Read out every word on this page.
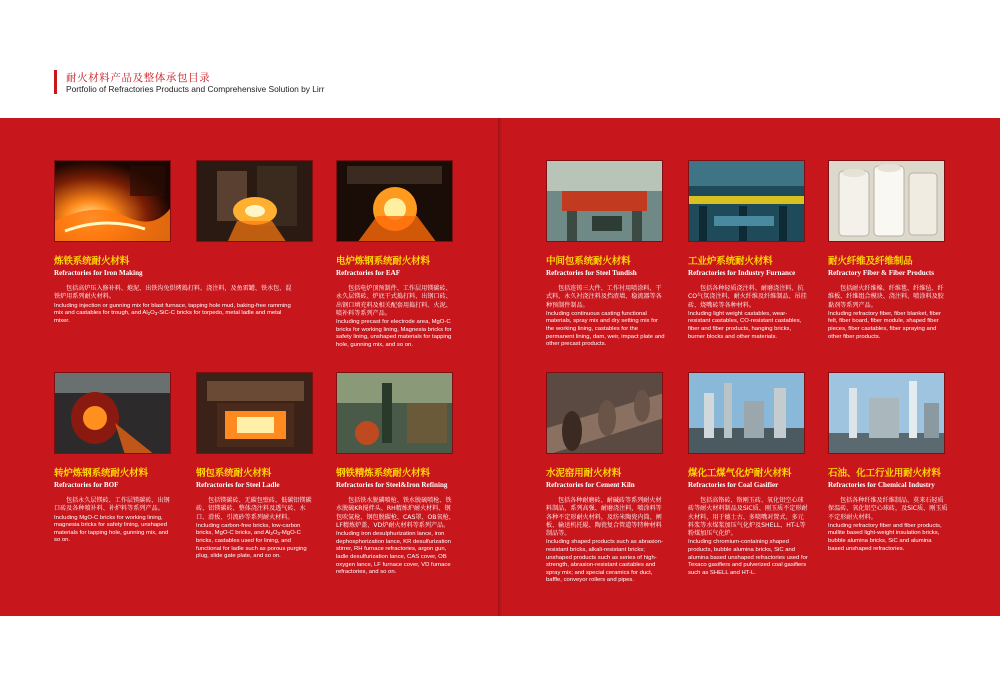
耐火材料产品及整体承包目录
Portfolio of Refractories Products and Comprehensive Solution by Lirr
炼铁系统耐火材料
Refractories for Iron Making
包括高炉压入修补料、炮泥、出铁沟免烘烤捣打料、浇注料，及鱼雷罐、铁水包、混铁炉用系列耐火材料。
Including injection or gunning mix for blast furnace, tapping hole mud, baking-free ramming mix and castables for trough, and $Al_2O_3-SiC-C$ bricks for torpedo, metal ladle and metal mixer.
电炉炼钢系统耐火材料
Refractories for EAF
包括电炉顶预制件、工作层用镁碳砖、永久层镁砖、炉底干式捣打料、出钢口砖、出钢口填充料及相关配套用捣打料、火泥、喷补料等系列产品。
Including precast for electrode area, MgO-C bricks for working lining, Magnesia bricks for safety lining, unshaped materials for tapping hole, gunning mix, and so on.
中间包系统耐火材料
Refractories for Steel Tundish
包括连铸三大件、工作衬用喷涂料、干式料，永久衬浇注料及挡渣墙、稳流器等各种预制件制品。
Including continuous casting functional materials, spray mix and dry setting mix for the working lining, castables for the permanent lining, dam, weir, impact plate and other precast products.
工业炉系统耐火材料
Refractories for Industry Furnance
包括各种轻质浇注料、耐磨浇注料、抗CO气氛浇注料、耐火纤维及纤维制品、吊挂砖、烧嘴砖等各种材料。
Including light weight castables, wear-resistant castables, CO-resistant castables, fiber and fiber products, hanging bricks, burner blocks and other materials.
耐火纤维及纤维制品
Refractory Fiber & Fiber Products
包括耐火纤维棉、纤维毯、纤维毡、纤维板、纤维组合模块、浇注料、喷涂料及胶黏剂等系列产品。
Including refractory fiber, fiber blanket, fiber felt, fiber board, fiber module, shaped fiber pieces, fiber castables, fiber spraying and other fiber products.
转炉炼钢系统耐火材料
Refractories for BOF
包括永久层镁砖、工作层镁碳砖、出钢口砖及各种喷补料、补炉料等系列产品。
Including MgO-C bricks for working lining, magnesia bricks for safety lining, unshaped materials for tapping hole, gunning mix, and so on.
钢包系统耐火材料
Refractories for Steel Ladle
包括镁碳砖、无碳包壁砖、低碳铝镁碳砖、铝镁碳砖、整体浇注料及透气砖、水口、滑板、引流砂等系列耐火材料。
Including carbon-free bricks, low-carbon bricks, MgO-C bricks, and $Al_2O_3-MgO-C$ bricks, castables used for lining, and functional for ladle such as porous purging plug, slide gate plate, and so on.
钢铁精炼系统耐火材料
Refractories for Steel&Iron Refining
包括铁水脱磷喷枪、铁水脱硫喷枪、铁水脱硫KR搅拌头、RH精炼炉耐火材料、钢包吹氩枪、钢包脱碳枪、CAS罩、OB氧枪、LF精炼炉盖、VD炉耐火材料等系列产品。
Including iron desulphurization lance, iron dephosphorization lance, KR desulfurization stirrer, RH furnace refractories, argon gun, ladle desulfurization lance, CAS cover, OB oxygen lance, LF furnace cover, VD furnace refractories, and so on.
水泥窑用耐火材料
Refractories for Cement Kiln
包括各种耐磨砖、耐碱砖等系列耐火材料制品，系列高强、耐磨浇注料，喷涂料等各种不定形耐火材料，及纺米陶瓷内筒、闸板、输送机托辊、陶瓷复合管道等特种材料制品等。
Including shaped products such as abrasion-resistant bricks, alkali-resistant bricks; unshaped products such as series of high-strength, abrasion-resistant castables and spray mix; and special ceramics for duct, baffle, conveyor rollers and pipes.
煤化工煤气化炉耐火材料
Refractories for Coal Gasifier
包括高铬砖、铬刚玉砖、氧化铝空心球砖等耐火材料制品及SiC质、刚玉质不定形耐火材料，用于德士古、多喷嘴对置式、多元料浆等水煤浆加压气化炉及SHELL、HT-L等粉煤加压气化炉。
Including chromium-containing shaped products, bubble alumina bricks, SiC and alumina based unshaped refractories used for Texaco gasifiers and pulverized coal gasifiers such as SHELL and HT-L.
石油、化工行业用耐火材料
Refractories for Chemical Industry
包括各种纤维及纤维制品、莫来石轻质保温砖、氧化铝空心球砖，及SiC质、刚玉质不定形耐火材料。
Including refractory fiber and fiber products, mullite based light-weight insulation bricks, bubble alumina bricks, SiC and alumina based unshaped refractories.
